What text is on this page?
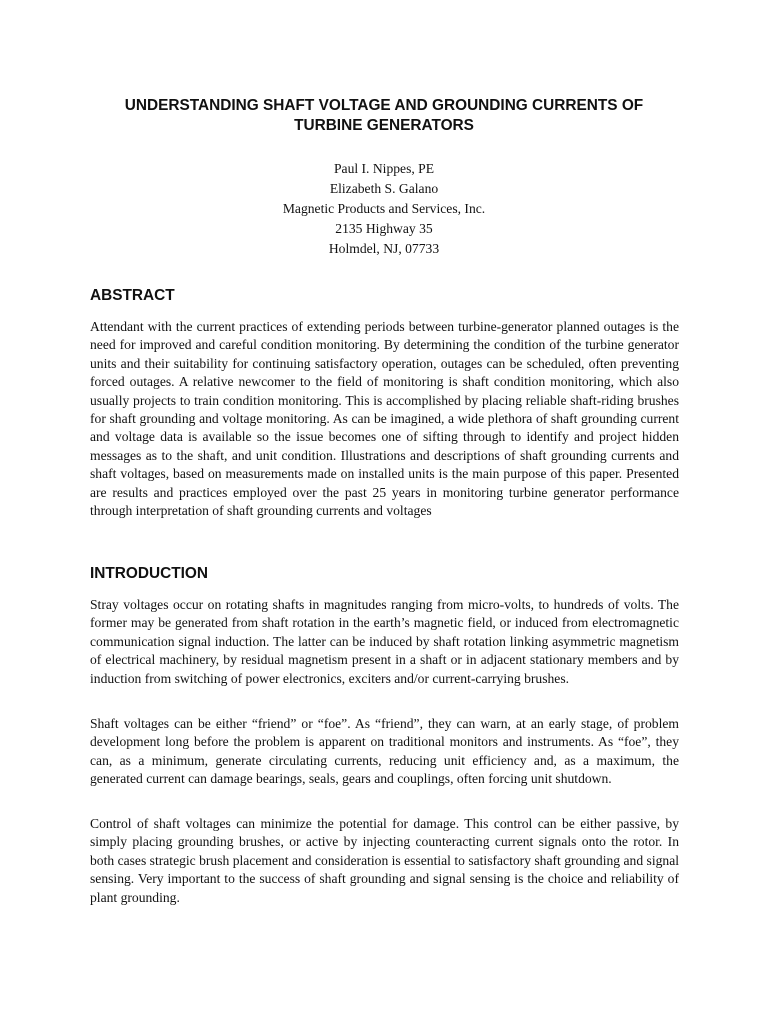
UNDERSTANDING SHAFT VOLTAGE AND GROUNDING CURRENTS OF TURBINE GENERATORS
Paul I. Nippes, PE
Elizabeth S. Galano
Magnetic Products and Services, Inc.
2135 Highway 35
Holmdel, NJ, 07733
ABSTRACT

Attendant with the current practices of extending periods between turbine-generator planned outages is the need for improved and careful condition monitoring. By determining the condition of the turbine generator units and their suitability for continuing satisfactory operation, outages can be scheduled, often preventing forced outages. A relative newcomer to the field of monitoring is shaft condition monitoring, which also usually projects to train condition monitoring. This is accomplished by placing reliable shaft-riding brushes for shaft grounding and voltage monitoring. As can be imagined, a wide plethora of shaft grounding current and voltage data is available so the issue becomes one of sifting through to identify and project hidden messages as to the shaft, and unit condition. Illustrations and descriptions of shaft grounding currents and shaft voltages, based on measurements made on installed units is the main purpose of this paper. Presented are results and practices employed over the past 25 years in monitoring turbine generator performance through interpretation of shaft grounding currents and voltages

INTRODUCTION

Stray voltages occur on rotating shafts in magnitudes ranging from micro-volts, to hundreds of volts. The former may be generated from shaft rotation in the earth’s magnetic field, or induced from electromagnetic communication signal induction. The latter can be induced by shaft rotation linking asymmetric magnetism of electrical machinery, by residual magnetism present in a shaft or in adjacent stationary members and by induction from switching of power electronics, exciters and/or current-carrying brushes.

Shaft voltages can be either “friend” or “foe”. As “friend”, they can warn, at an early stage, of problem development long before the problem is apparent on traditional monitors and instruments. As “foe”, they can, as a minimum, generate circulating currents, reducing unit efficiency and, as a maximum, the generated current can damage bearings, seals, gears and couplings, often forcing unit shutdown.

Control of shaft voltages can minimize the potential for damage. This control can be either passive, by simply placing grounding brushes, or active by injecting counteracting current signals onto the rotor. In both cases strategic brush placement and consideration is essential to satisfactory shaft grounding and signal sensing. Very important to the success of shaft grounding and signal sensing is the choice and reliability of plant grounding.
